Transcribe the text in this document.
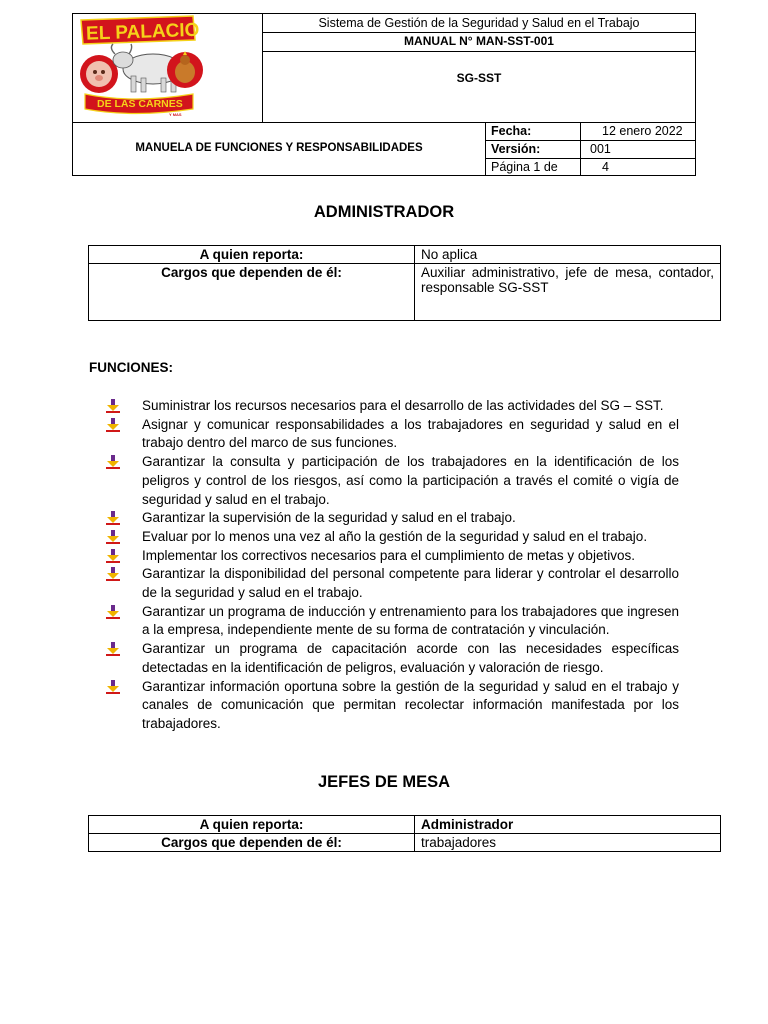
EL PALACIO
DE LAS CARNES
Y MAS
Sistema de Gestión de la Seguridad y Salud en el Trabajo
MANUAL N° MAN-SST-001
SG-SST
MANUELA DE FUNCIONES Y RESPONSABILIDADES
Fecha:	12 enero 2022
Versión:	001
Página 1 de	4
ADMINISTRADOR
A quien reporta:	No aplica
Cargos que dependen de él:	Auxiliar administrativo, jefe de mesa, contador, responsable SG-SST
FUNCIONES:
Suministrar los recursos necesarios para el desarrollo de las actividades del SG – SST.
Asignar y comunicar responsabilidades a los trabajadores en seguridad y salud en el trabajo dentro del marco de sus funciones.
Garantizar la consulta y participación de los trabajadores en la identificación de los peligros y control de los riesgos, así como la participación a través el comité o vigía de seguridad y salud en el trabajo.
Garantizar la supervisión de la seguridad y salud en el trabajo.
Evaluar por lo menos una vez al año la gestión de la seguridad y salud en el trabajo.
Implementar los correctivos necesarios para el cumplimiento de metas y objetivos.
Garantizar la disponibilidad del personal competente para liderar y controlar el desarrollo de la seguridad y salud en el trabajo.
Garantizar un programa de inducción y entrenamiento para los trabajadores que ingresen a la empresa, independiente mente de su forma de contratación y vinculación.
Garantizar un programa de capacitación acorde con las necesidades específicas detectadas en la identificación de peligros, evaluación y valoración de riesgo.
Garantizar información oportuna sobre la gestión de la seguridad y salud en el trabajo y canales de comunicación que permitan recolectar información manifestada por los trabajadores.
JEFES DE MESA
A quien reporta:	Administrador
Cargos que dependen de él:	trabajadores
